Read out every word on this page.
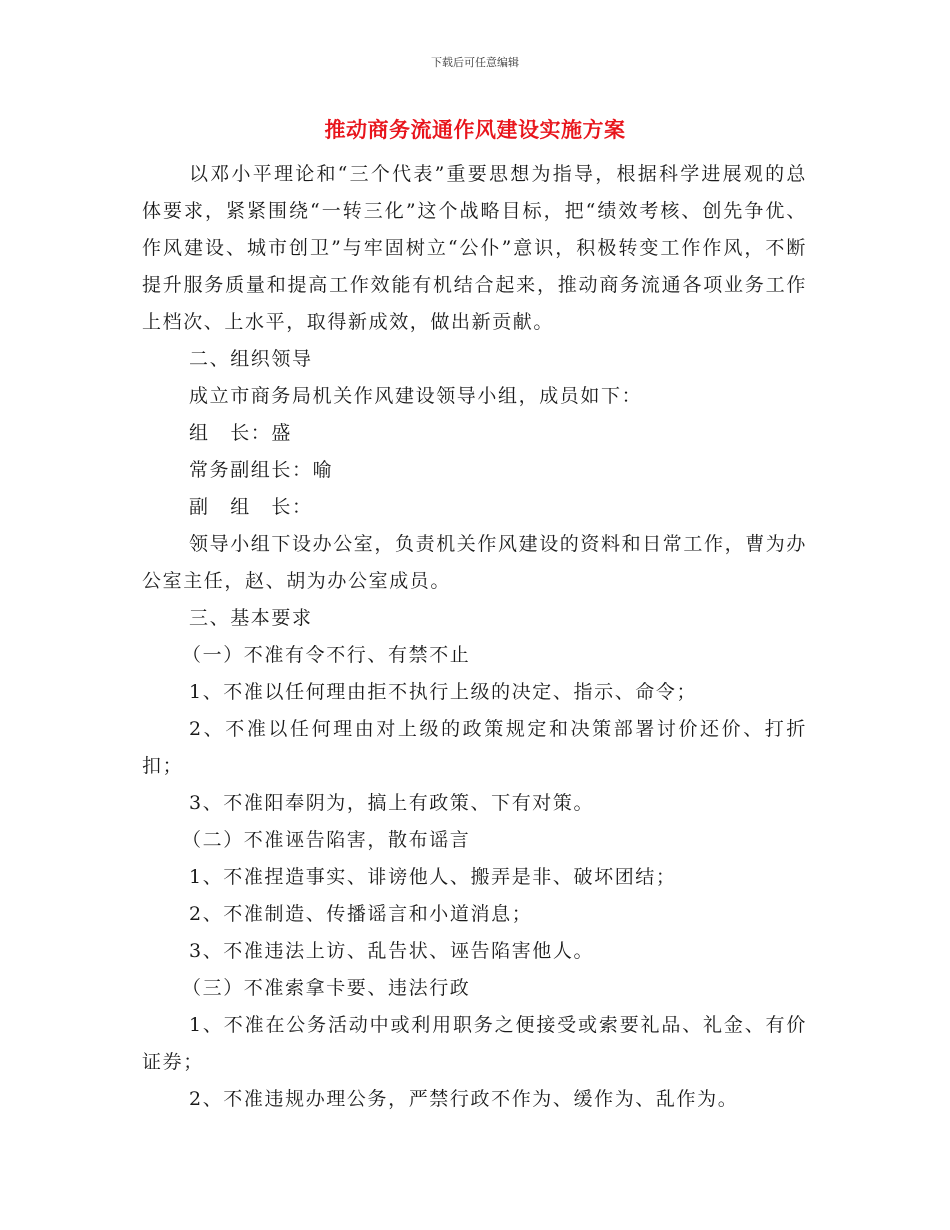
下载后可任意编辑
推动商务流通作风建设实施方案

以邓小平理论和“三个代表”重要思想为指导，根据科学进展观的总体要求，紧紧围绕“一转三化”这个战略目标，把“绩效考核、创先争优、作风建设、城市创卫”与牢固树立“公仆”意识，积极转变工作作风，不断提升服务质量和提高工作效能有机结合起来，推动商务流通各项业务工作上档次、上水平，取得新成效，做出新贡献。

二、组织领导

成立市商务局机关作风建设领导小组，成员如下：

组　长：盛

常务副组长：喻

副　组　长：

领导小组下设办公室，负责机关作风建设的资料和日常工作，曹为办公室主任，赵、胡为办公室成员。

三、基本要求

（一）不准有令不行、有禁不止

1、不准以任何理由拒不执行上级的决定、指示、命令；

2、不准以任何理由对上级的政策规定和决策部署讨价还价、打折扣；

3、不准阳奉阴为，搞上有政策、下有对策。

（二）不准诬告陷害，散布谣言

1、不准捏造事实、诽谤他人、搬弄是非、破坏团结；

2、不准制造、传播谣言和小道消息；

3、不准违法上访、乱告状、诬告陷害他人。

（三）不准索拿卡要、违法行政

1、不准在公务活动中或利用职务之便接受或索要礼品、礼金、有价证券；

2、不准违规办理公务，严禁行政不作为、缓作为、乱作为。
